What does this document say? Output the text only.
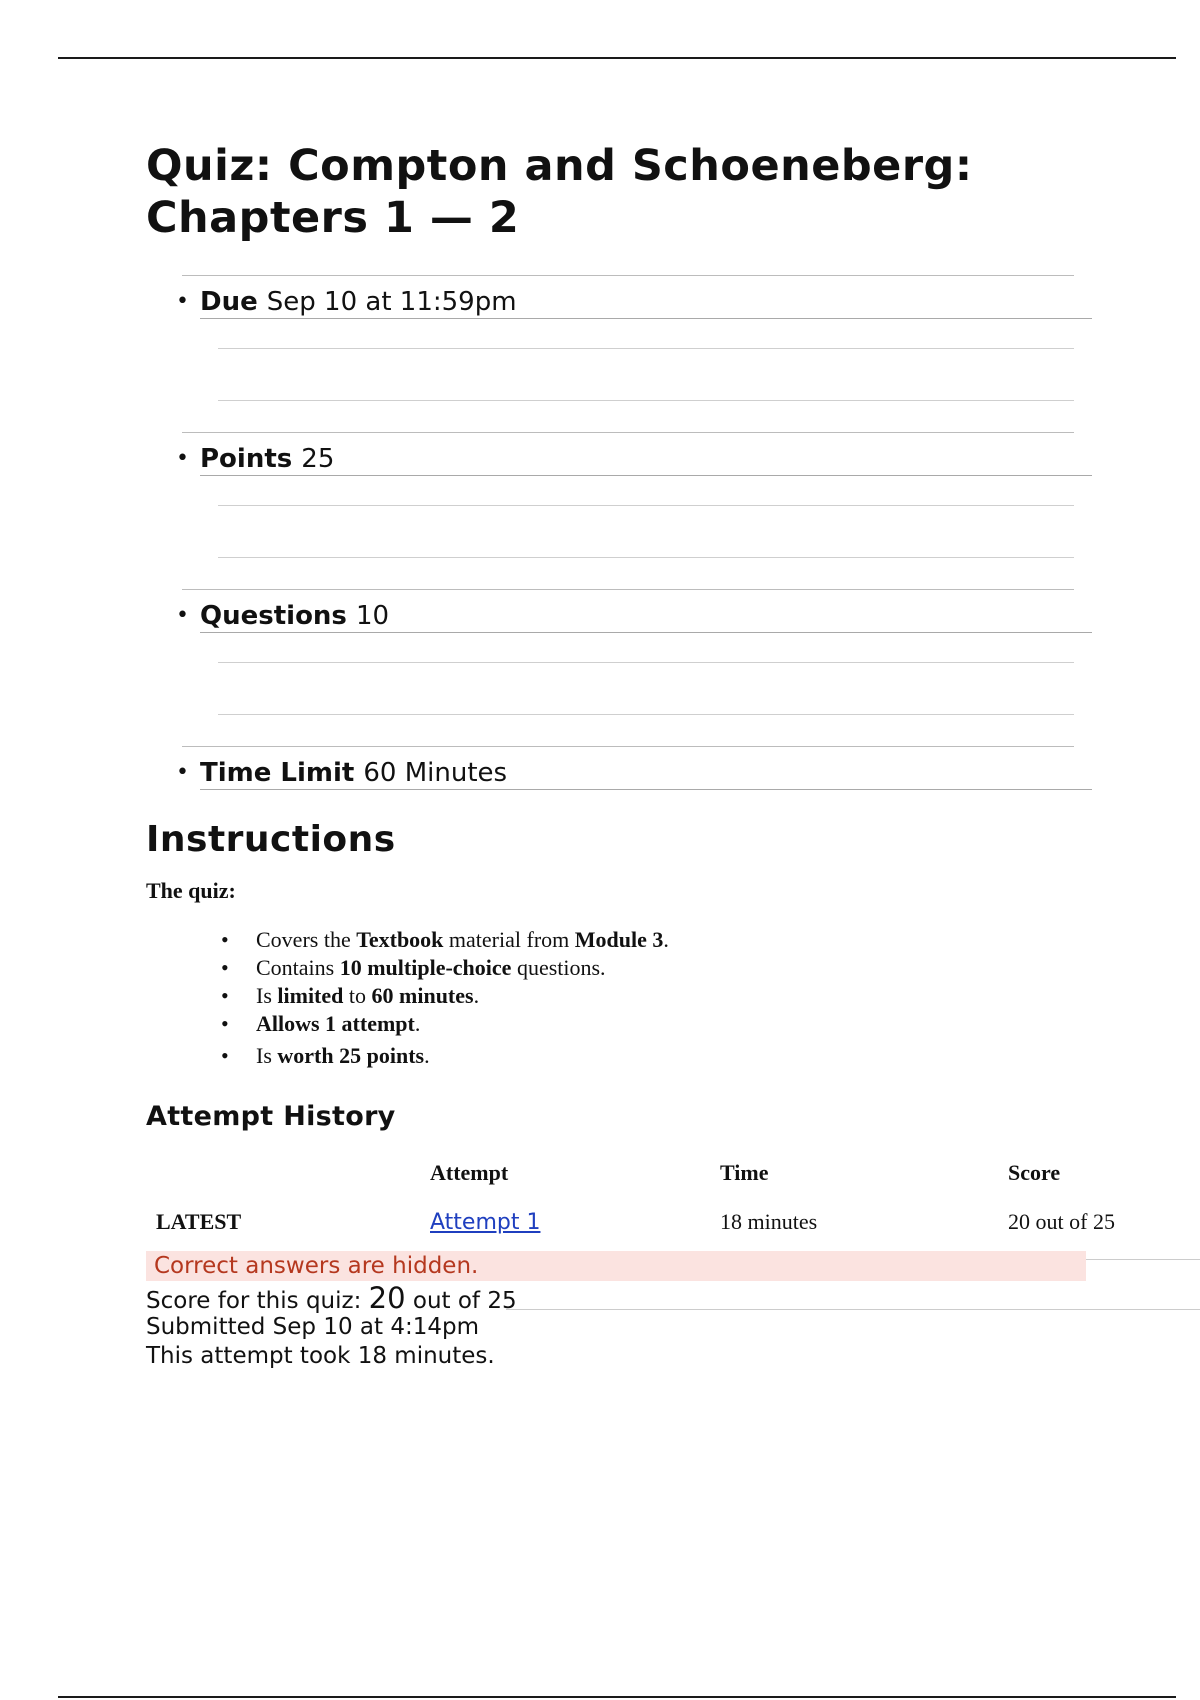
Quiz: Compton and Schoeneberg: Chapters 1 — 2
• Due Sep 10 at 11:59pm
• Points 25
• Questions 10
• Time Limit 60 Minutes
Instructions

The quiz:

• Covers the Textbook material from Module 3.
• Contains 10 multiple-choice questions.
• Is limited to 60 minutes.
• Allows 1 attempt.
• Is worth 25 points.
Attempt History
	Attempt	Time	Score
LATEST	Attempt 1	18 minutes	20 out of 25
Correct answers are hidden.
Score for this quiz: 20 out of 25
Submitted Sep 10 at 4:14pm
This attempt took 18 minutes.
